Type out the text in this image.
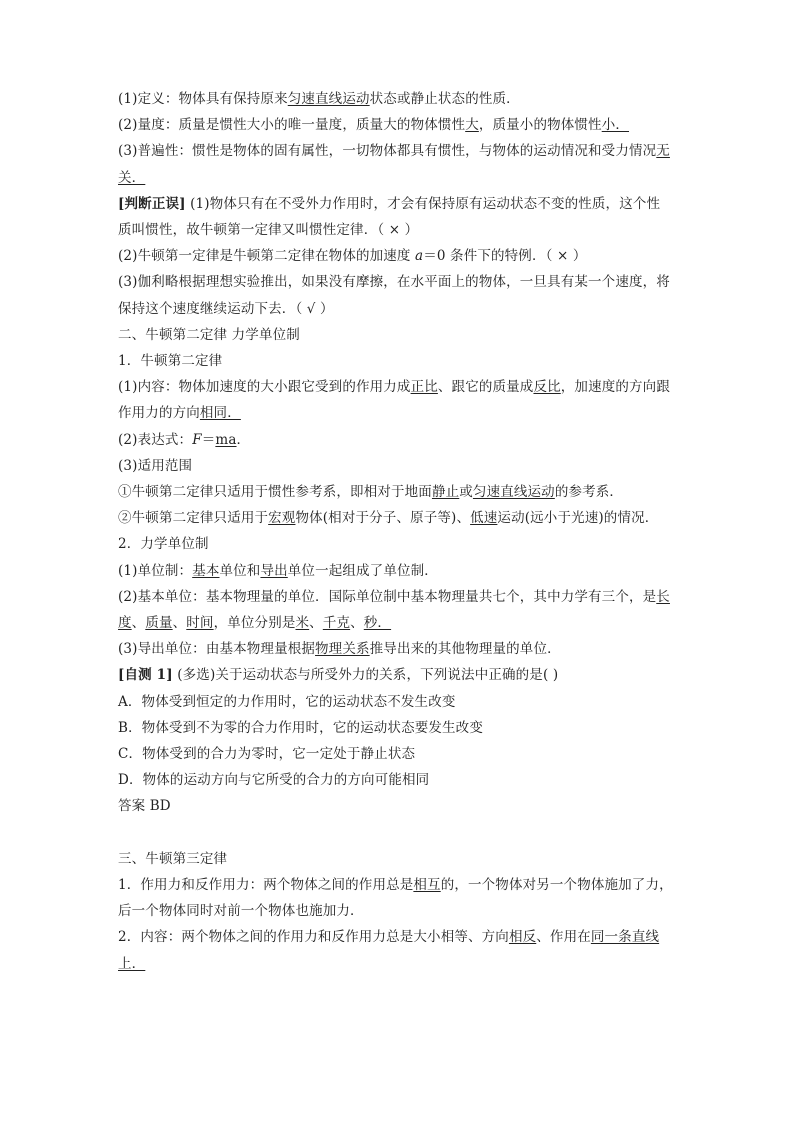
(1)定义：物体具有保持原来匀速直线运动状态或静止状态的性质．
(2)量度：质量是惯性大小的唯一量度，质量大的物体惯性大，质量小的物体惯性小．
(3)普遍性：惯性是物体的固有属性，一切物体都具有惯性，与物体的运动情况和受力情况无
关．
[判断正误] (1)物体只有在不受外力作用时，才会有保持原有运动状态不变的性质，这个性
质叫惯性，故牛顿第一定律又叫惯性定律．（ × ）
(2)牛顿第一定律是牛顿第二定律在物体的加速度 a＝0 条件下的特例．（ × ）
(3)伽利略根据理想实验推出，如果没有摩擦，在水平面上的物体，一旦具有某一个速度，将
保持这个速度继续运动下去．（ √ ）
二、牛顿第二定律 力学单位制
1．牛顿第二定律
(1)内容：物体加速度的大小跟它受到的作用力成正比、跟它的质量成反比，加速度的方向跟
作用力的方向相同．
(2)表达式：F＝ma．
(3)适用范围
①牛顿第二定律只适用于惯性参考系，即相对于地面静止或匀速直线运动的参考系．
②牛顿第二定律只适用于宏观物体(相对于分子、原子等)、低速运动(远小于光速)的情况．
2．力学单位制
(1)单位制：基本单位和导出单位一起组成了单位制．
(2)基本单位：基本物理量的单位．国际单位制中基本物理量共七个，其中力学有三个，是长
度、质量、时间，单位分别是米、千克、秒．
(3)导出单位：由基本物理量根据物理关系推导出来的其他物理量的单位．
[自测 1] (多选)关于运动状态与所受外力的关系，下列说法中正确的是( )
A．物体受到恒定的力作用时，它的运动状态不发生改变
B．物体受到不为零的合力作用时，它的运动状态要发生改变
C．物体受到的合力为零时，它一定处于静止状态
D．物体的运动方向与它所受的合力的方向可能相同
答案 BD
三、牛顿第三定律
1．作用力和反作用力：两个物体之间的作用总是相互的，一个物体对另一个物体施加了力，
后一个物体同时对前一个物体也施加力．
2．内容：两个物体之间的作用力和反作用力总是大小相等、方向相反、作用在同一条直线
上．
